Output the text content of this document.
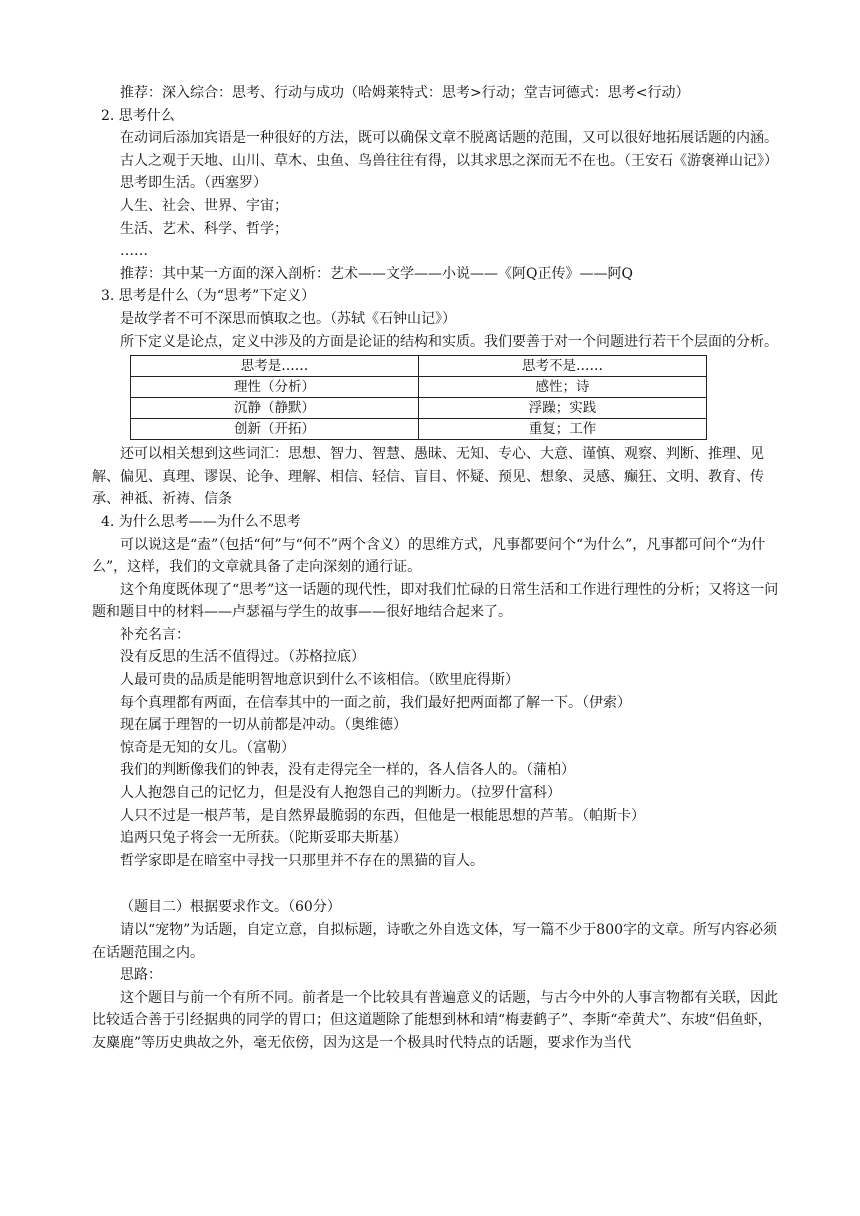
推荐：深入综合：思考、行动与成功（哈姆莱特式：思考>行动；堂吉诃德式：思考<行动）

2. 思考什么

在动词后添加宾语是一种很好的方法，既可以确保文章不脱离话题的范围，又可以很好地拓展话题的内涵。

古人之观于天地、山川、草木、虫鱼、鸟兽往往有得，以其求思之深而无不在也。（王安石《游褒禅山记》）

思考即生活。（西塞罗）

人生、社会、世界、宇宙；

生活、艺术、科学、哲学；

……

推荐：其中某一方面的深入剖析：艺术——文学——小说——《阿Q正传》——阿Q

3. 思考是什么（为“思考”下定义）

是故学者不可不深思而慎取之也。（苏轼《石钟山记》）

所下定义是论点，定义中涉及的方面是论证的结构和实质。我们要善于对一个问题进行若干个层面的分析。

思考是……	思考不是……
理性（分析）	感性；诗
沉静（静默）	浮躁；实践
创新（开拓）	重复；工作

还可以相关想到这些词汇：思想、智力、智慧、愚昧、无知、专心、大意、谨慎、观察、判断、推理、见解、偏见、真理、谬误、论争、理解、相信、轻信、盲目、怀疑、预见、想象、灵感、癫狂、文明、教育、传承、神祗、祈祷、信条

4. 为什么思考——为什么不思考

可以说这是“盍”（包括“何”与“何不”两个含义）的思维方式，凡事都要问个“为什么”，凡事都可问个“为什么”，这样，我们的文章就具备了走向深刻的通行证。

这个角度既体现了“思考”这一话题的现代性，即对我们忙碌的日常生活和工作进行理性的分析；又将这一问题和题目中的材料——卢瑟福与学生的故事——很好地结合起来了。

补充名言：

没有反思的生活不值得过。（苏格拉底）

人最可贵的品质是能明智地意识到什么不该相信。（欧里庇得斯）

每个真理都有两面，在信奉其中的一面之前，我们最好把两面都了解一下。（伊索）

现在属于理智的一切从前都是冲动。（奥维德）

惊奇是无知的女儿。（富勒）

我们的判断像我们的钟表，没有走得完全一样的，各人信各人的。（蒲柏）

人人抱怨自己的记忆力，但是没有人抱怨自己的判断力。（拉罗什富科）

人只不过是一根芦苇，是自然界最脆弱的东西，但他是一根能思想的芦苇。（帕斯卡）

追两只兔子将会一无所获。（陀斯妥耶夫斯基）

哲学家即是在暗室中寻找一只那里并不存在的黑猫的盲人。

（题目二）根据要求作文。（60分）

请以“宠物”为话题，自定立意，自拟标题，诗歌之外自选文体，写一篇不少于800字的文章。所写内容必须在话题范围之内。

思路：

这个题目与前一个有所不同。前者是一个比较具有普遍意义的话题，与古今中外的人事言物都有关联，因此比较适合善于引经据典的同学的胃口；但这道题除了能想到林和靖“梅妻鹤子”、李斯“牵黄犬”、东坡“侣鱼虾，友麋鹿”等历史典故之外，毫无依傍，因为这是一个极具时代特点的话题，要求作为当代
